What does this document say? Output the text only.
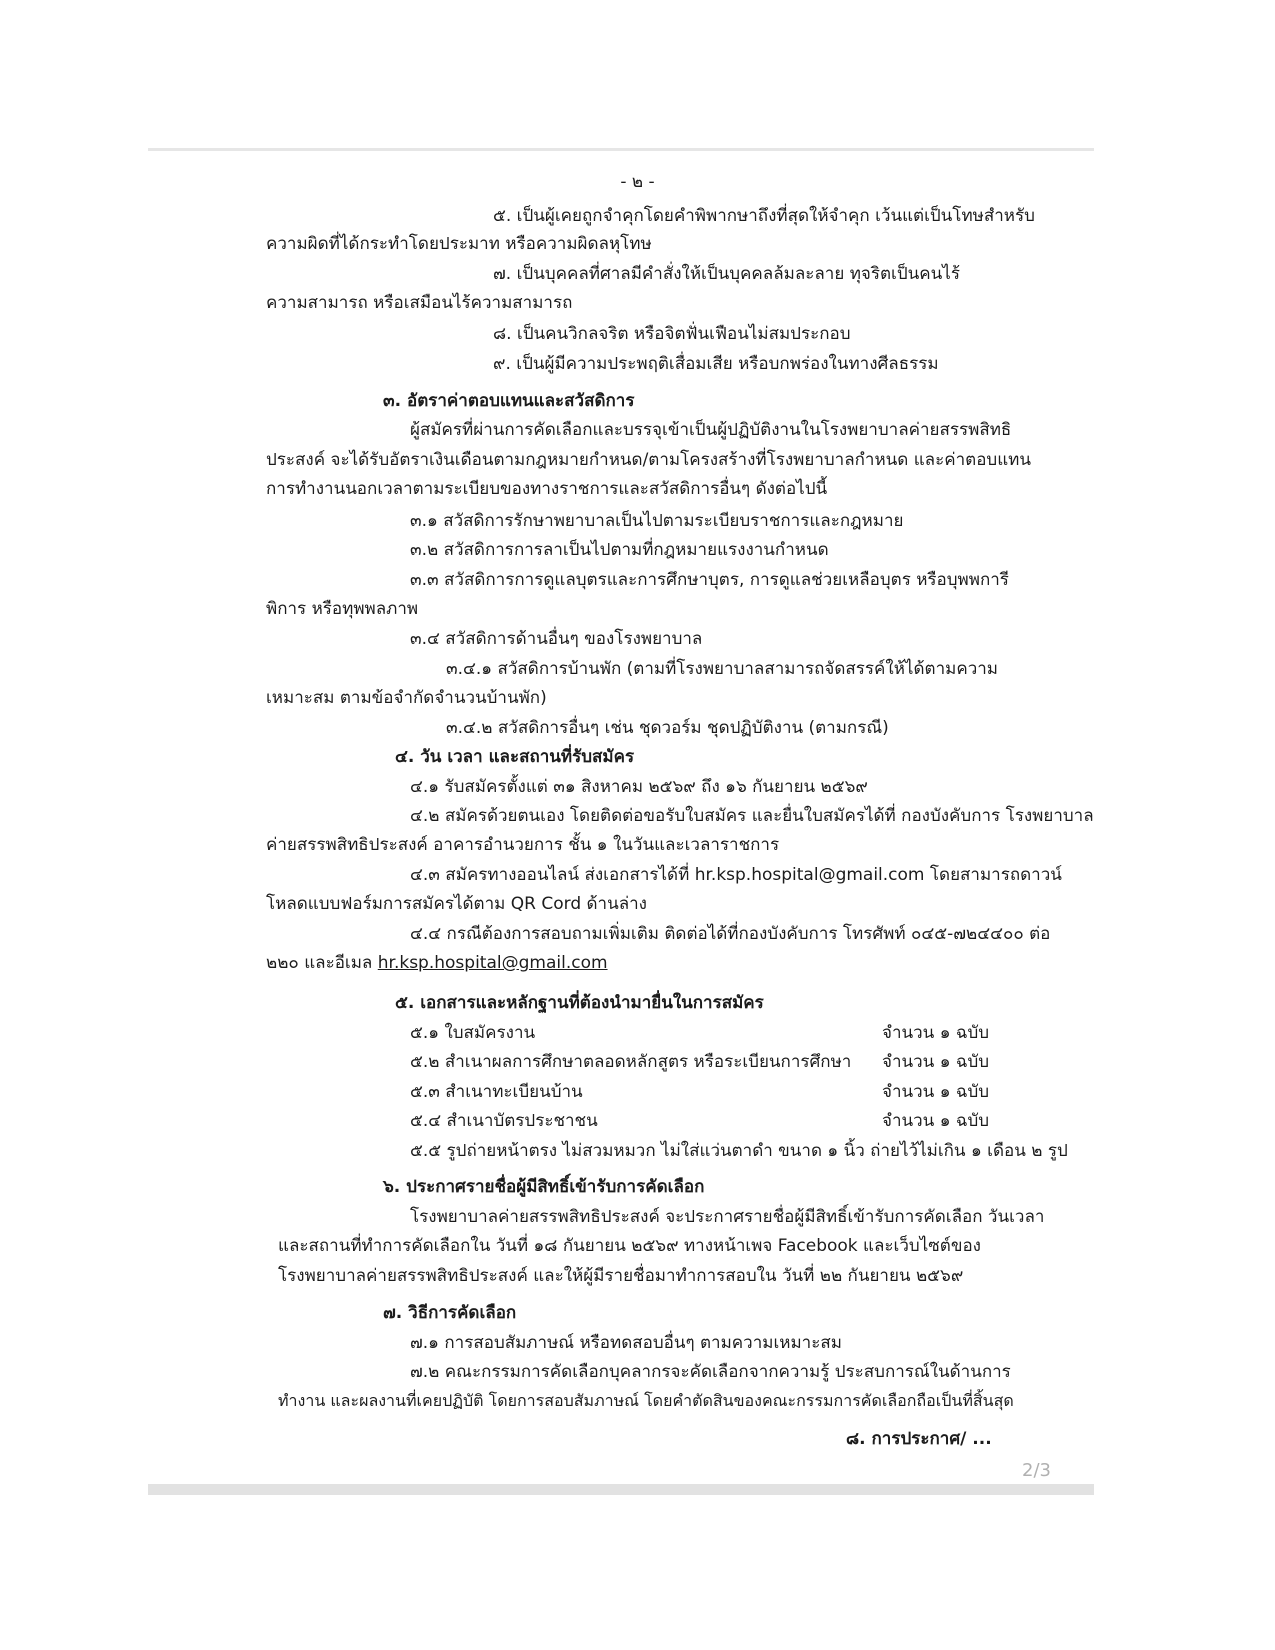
- ๒ -
๕. เป็นผู้เคยถูกจำคุกโดยคำพิพากษาถึงที่สุดให้จำคุก เว้นแต่เป็นโทษสำหรับ
ความผิดที่ได้กระทำโดยประมาท หรือความผิดลหุโทษ
๗. เป็นบุคคลที่ศาลมีคำสั่งให้เป็นบุคคลล้มละลาย ทุจริตเป็นคนไร้
ความสามารถ หรือเสมือนไร้ความสามารถ
๘. เป็นคนวิกลจริต หรือจิตฟั่นเฟือนไม่สมประกอบ
๙. เป็นผู้มีความประพฤติเสื่อมเสีย หรือบกพร่องในทางศีลธรรม
๓. อัตราค่าตอบแทนและสวัสดิการ
ผู้สมัครที่ผ่านการคัดเลือกและบรรจุเข้าเป็นผู้ปฏิบัติงานในโรงพยาบาลค่ายสรรพสิทธิ
ประสงค์ จะได้รับอัตราเงินเดือนตามกฎหมายกำหนด/ตามโครงสร้างที่โรงพยาบาลกำหนด และค่าตอบแทน
การทำงานนอกเวลาตามระเบียบของทางราชการและสวัสดิการอื่นๆ ดังต่อไปนี้
๓.๑ สวัสดิการรักษาพยาบาลเป็นไปตามระเบียบราชการและกฎหมาย
๓.๒ สวัสดิการการลาเป็นไปตามที่กฎหมายแรงงานกำหนด
๓.๓ สวัสดิการการดูแลบุตรและการศึกษาบุตร, การดูแลช่วยเหลือบุตร หรือบุพพการี
พิการ หรือทุพพลภาพ
๓.๔ สวัสดิการด้านอื่นๆ ของโรงพยาบาล
๓.๔.๑ สวัสดิการบ้านพัก (ตามที่โรงพยาบาลสามารถจัดสรรค์ให้ได้ตามความ
เหมาะสม ตามข้อจำกัดจำนวนบ้านพัก)
๓.๔.๒ สวัสดิการอื่นๆ เช่น ชุดวอร์ม ชุดปฏิบัติงาน (ตามกรณี)
๔. วัน เวลา และสถานที่รับสมัคร
๔.๑ รับสมัครตั้งแต่ ๓๑ สิงหาคม ๒๕๖๙ ถึง ๑๖ กันยายน ๒๕๖๙
๔.๒ สมัครด้วยตนเอง โดยติดต่อขอรับใบสมัคร และยื่นใบสมัครได้ที่ กองบังคับการ โรงพยาบาล
ค่ายสรรพสิทธิประสงค์ อาคารอำนวยการ ชั้น ๑ ในวันและเวลาราชการ
๔.๓ สมัครทางออนไลน์ ส่งเอกสารได้ที่ hr.ksp.hospital@gmail.com โดยสามารถดาวน์
โหลดแบบฟอร์มการสมัครได้ตาม QR Cord ด้านล่าง
๔.๔ กรณีต้องการสอบถามเพิ่มเติม ติดต่อได้ที่กองบังคับการ โทรศัพท์ ๐๔๕-๗๒๔๔๐๐ ต่อ
๒๒๐ และอีเมล hr.ksp.hospital@gmail.com
๕. เอกสารและหลักฐานที่ต้องนำมายื่นในการสมัคร
๕.๑ ใบสมัครงาน	จำนวน ๑ ฉบับ
๕.๒ สำเนาผลการศึกษาตลอดหลักสูตร หรือระเบียนการศึกษา จำนวน ๑ ฉบับ
๕.๓ สำเนาทะเบียนบ้าน	จำนวน ๑ ฉบับ
๕.๔ สำเนาบัตรประชาชน	จำนวน ๑ ฉบับ
๕.๕ รูปถ่ายหน้าตรง ไม่สวมหมวก ไม่ใส่แว่นตาดำ ขนาด ๑ นิ้ว ถ่ายไว้ไม่เกิน ๑ เดือน ๒ รูป
๖. ประกาศรายชื่อผู้มีสิทธิ์เข้ารับการคัดเลือก
โรงพยาบาลค่ายสรรพสิทธิประสงค์ จะประกาศรายชื่อผู้มีสิทธิ์เข้ารับการคัดเลือก วันเวลา
และสถานที่ทำการคัดเลือกใน วันที่ ๑๘ กันยายน ๒๕๖๙ ทางหน้าเพจ Facebook และเว็บไซต์ของ
โรงพยาบาลค่ายสรรพสิทธิประสงค์ และให้ผู้มีรายชื่อมาทำการสอบใน วันที่ ๒๒ กันยายน ๒๕๖๙
๗. วิธีการคัดเลือก
๗.๑ การสอบสัมภาษณ์ หรือทดสอบอื่นๆ ตามความเหมาะสม
๗.๒ คณะกรรมการคัดเลือกบุคลากรจะคัดเลือกจากความรู้ ประสบการณ์ในด้านการ
ทำงาน และผลงานที่เคยปฏิบัติ โดยการสอบสัมภาษณ์ โดยคำตัดสินของคณะกรรมการคัดเลือกถือเป็นที่สิ้นสุด
๘. การประกาศ/ ...
2/3
